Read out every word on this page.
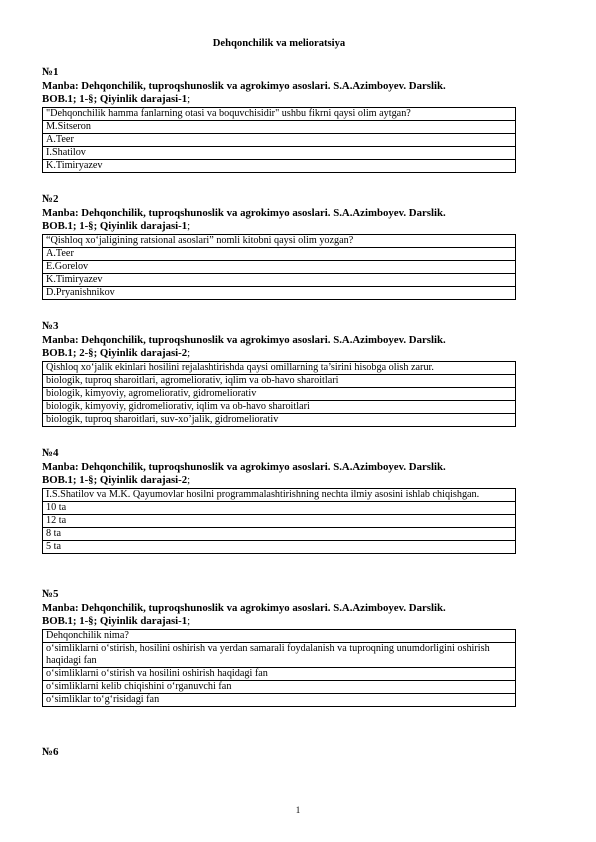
Dehqonchilik va melioratsiya
№1
Manba: Dehqonchilik, tuproqshunoslik va agrokimyo asoslari. S.A.Azimboyev. Darslik.
BOB.1; 1-§; Qiyinlik darajasi-1;
"Dehqonchilik hamma fanlarning otasi va boquvchisidir" ushbu fikrni qaysi olim aytgan?
M.Sitseron
A.Teer
I.Shatilov
K.Timiryazev
№2
Manba: Dehqonchilik, tuproqshunoslik va agrokimyo asoslari. S.A.Azimboyev. Darslik.
BOB.1; 1-§; Qiyinlik darajasi-1;
“Qishloq xo‘jaligining ratsional asoslari” nomli kitobni qaysi olim yozgan?
A.Teer
E.Gorelov
K.Timiryazev
D.Pryanishnikov
№3
Manba: Dehqonchilik, tuproqshunoslik va agrokimyo asoslari. S.A.Azimboyev. Darslik.
BOB.1; 2-§; Qiyinlik darajasi-2;
Qishloq xo‘jalik ekinlari hosilini rejalashtirishda qaysi omillarning ta’sirini hisobga olish zarur.
biologik, tuproq sharoitlari, agromeliorativ, iqlim va ob-havo sharoitlari
biologik, kimyoviy, agromeliorativ, gidromeliorativ
biologik, kimyoviy, gidromeliorativ, iqlim va ob-havo sharoitlari
biologik, tuproq sharoitlari, suv-xo’jalik, gidromeliorativ
№4
Manba: Dehqonchilik, tuproqshunoslik va agrokimyo asoslari. S.A.Azimboyev. Darslik.
BOB.1; 1-§; Qiyinlik darajasi-2;
I.S.Shatilov va M.K. Qayumovlar hosilni programmalashtirishning nechta ilmiy asosini ishlab chiqishgan.
10 ta
12 ta
8 ta
5 ta
№5
Manba: Dehqonchilik, tuproqshunoslik va agrokimyo asoslari. S.A.Azimboyev. Darslik.
BOB.1; 1-§; Qiyinlik darajasi-1;
Dehqonchilik nima?
o‘simliklarni o‘stirish, hosilini oshirish va yerdan samarali foydalanish va tuproqning unumdorligini oshirish haqidagi fan
o‘simliklarni o‘stirish va hosilini oshirish haqidagi fan
o‘simliklarni kelib chiqishini o‘rganuvchi fan
o‘simliklar to‘g‘risidagi fan
№6
1
